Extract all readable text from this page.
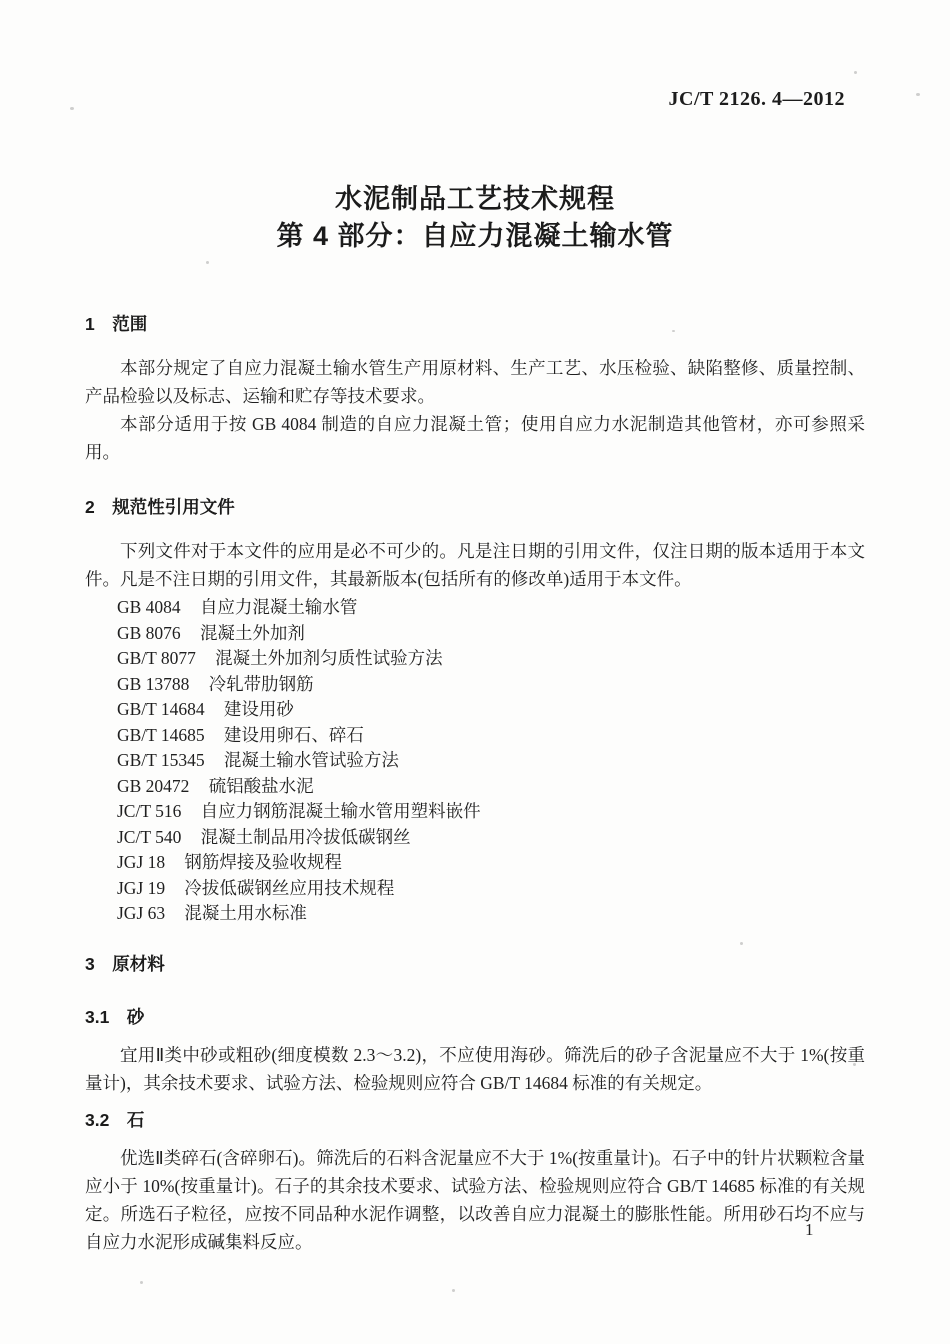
JC/T 2126. 4—2012
水泥制品工艺技术规程
第 4 部分：自应力混凝土输水管
1　范围

本部分规定了自应力混凝土输水管生产用原材料、生产工艺、水压检验、缺陷整修、质量控制、产品检验以及标志、运输和贮存等技术要求。

本部分适用于按 GB 4084 制造的自应力混凝土管；使用自应力水泥制造其他管材，亦可参照采用。

2　规范性引用文件

下列文件对于本文件的应用是必不可少的。凡是注日期的引用文件，仅注日期的版本适用于本文件。凡是不注日期的引用文件，其最新版本(包括所有的修改单)适用于本文件。

GB 4084 自应力混凝土输水管
GB 8076 混凝土外加剂
GB/T 8077 混凝土外加剂匀质性试验方法
GB 13788 冷轧带肋钢筋
GB/T 14684 建设用砂
GB/T 14685 建设用卵石、碎石
GB/T 15345 混凝土输水管试验方法
GB 20472 硫铝酸盐水泥
JC/T 516 自应力钢筋混凝土输水管用塑料嵌件
JC/T 540 混凝土制品用冷拔低碳钢丝
JGJ 18 钢筋焊接及验收规程
JGJ 19 冷拔低碳钢丝应用技术规程
JGJ 63 混凝土用水标准
3　原材料
3.1　砂

宜用Ⅱ类中砂或粗砂(细度模数 2.3～3.2)，不应使用海砂。筛洗后的砂子含泥量应不大于 1%(按重量计)，其余技术要求、试验方法、检验规则应符合 GB/T 14684 标准的有关规定。

3.2　石

优选Ⅱ类碎石(含碎卵石)。筛洗后的石料含泥量应不大于 1%(按重量计)。石子中的针片状颗粒含量应小于 10%(按重量计)。石子的其余技术要求、试验方法、检验规则应符合 GB/T 14685 标准的有关规定。所选石子粒径，应按不同品种水泥作调整，以改善自应力混凝土的膨胀性能。所用砂石均不应与自应力水泥形成碱集料反应。

1
